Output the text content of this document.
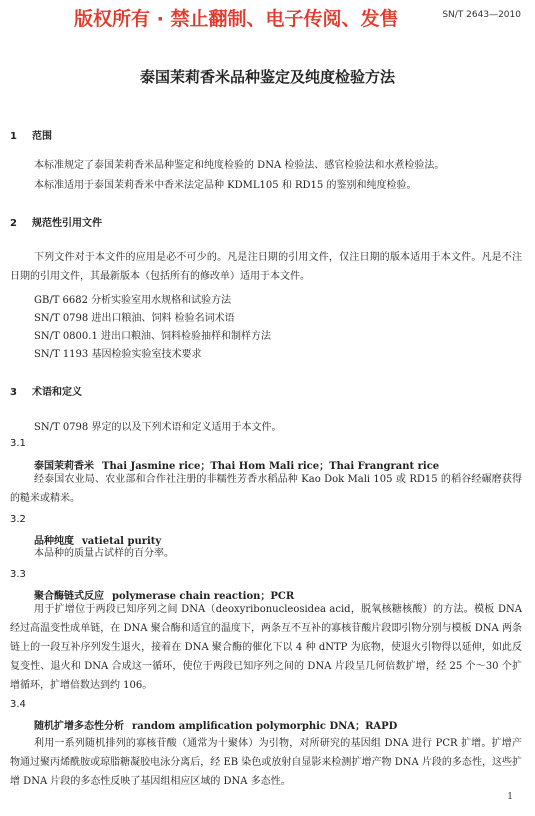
版权所有 · 禁止翻制、电子传阅、发售	SN/T 2643—2010
泰国茉莉香米品种鉴定及纯度检验方法
1 范围
本标准规定了泰国茉莉香米品种鉴定和纯度检验的 DNA 检验法、感官检验法和水煮检验法。
本标准适用于泰国茉莉香米中香米法定品种 KDML105 和 RD15 的鉴别和纯度检验。
2 规范性引用文件
下列文件对于本文件的应用是必不可少的。凡是注日期的引用文件，仅注日期的版本适用于本文件。凡是不注日期的引用文件，其最新版本（包括所有的修改单）适用于本文件。
GB/T 6682 分析实验室用水规格和试验方法
SN/T 0798 进出口粮油、饲料 检验名词术语
SN/T 0800.1 进出口粮油、饲料检验抽样和制样方法
SN/T 1193 基因检验实验室技术要求
3 术语和定义
SN/T 0798 界定的以及下列术语和定义适用于本文件。
3.1
泰国茉莉香米 Thai Jasmine rice；Thai Hom Mali rice；Thai Frangrant rice
经泰国农业局、农业部和合作社注册的非糯性芳香水稻品种 Kao Dok Mali 105 或 RD15 的稻谷经碾磨获得的糙米或精米。
3.2
品种纯度 vatietal purity
本品种的质量占试样的百分率。
3.3
聚合酶链式反应 polymerase chain reaction；PCR
用于扩增位于两段已知序列之间 DNA（deoxyribonucleosidea acid，脱氧核糖核酸）的方法。模板 DNA 经过高温变性成单链，在 DNA 聚合酶和适宜的温度下，两条互不互补的寡核苷酸片段即引物分别与模板 DNA 两条链上的一段互补序列发生退火，接着在 DNA 聚合酶的催化下以 4 种 dNTP 为底物，使退火引物得以延伸，如此反复变性、退火和 DNA 合成这一循环，使位于两段已知序列之间的 DNA 片段呈几何倍数扩增，经 25 个～30 个扩增循环，扩增倍数达到约 106。
3.4
随机扩增多态性分析 random amplification polymorphic DNA；RAPD
利用一系列随机排列的寡核苷酸（通常为十聚体）为引物，对所研究的基因组 DNA 进行 PCR 扩增。扩增产物通过聚丙烯酰胺或琼脂糖凝胶电泳分离后，经 EB 染色或放射自显影来检测扩增产物 DNA 片段的多态性，这些扩增 DNA 片段的多态性反映了基因组相应区域的 DNA 多态性。
1
